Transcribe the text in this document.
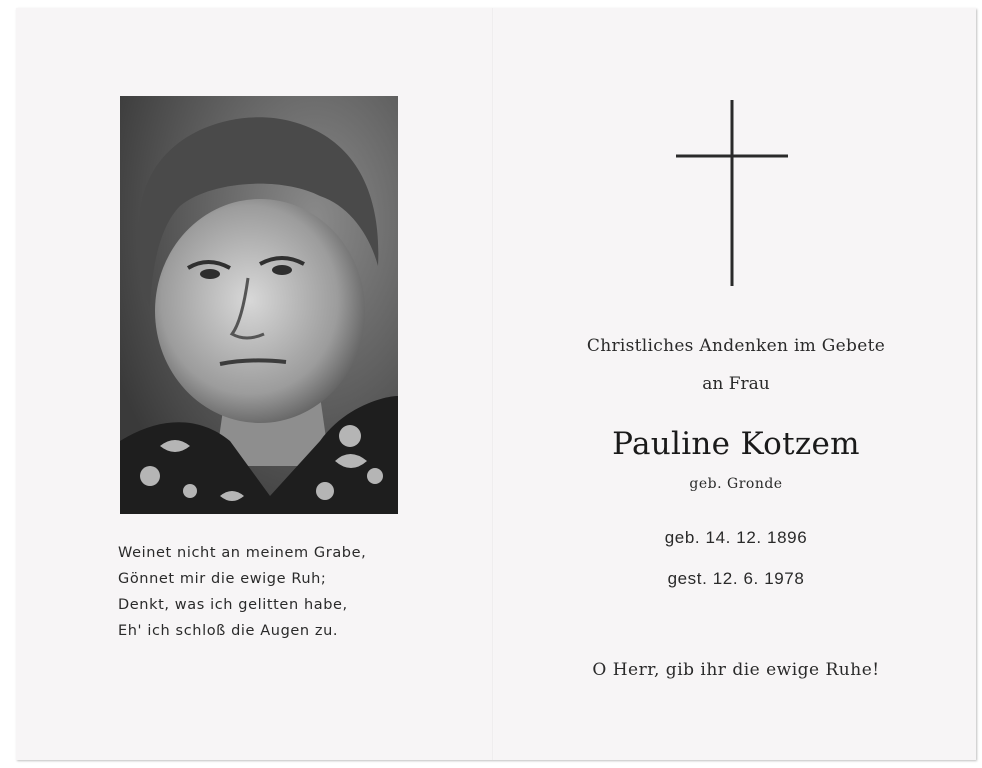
Weinet nicht an meinem Grabe,
Gönnet mir die ewige Ruh;
Denkt, was ich gelitten habe,
Eh' ich schloß die Augen zu.
Christliches Andenken im Gebete
an Frau
Pauline Kotzem
geb. Gronde
geb. 14. 12. 1896
gest. 12. 6. 1978
O Herr, gib ihr die ewige Ruhe!
